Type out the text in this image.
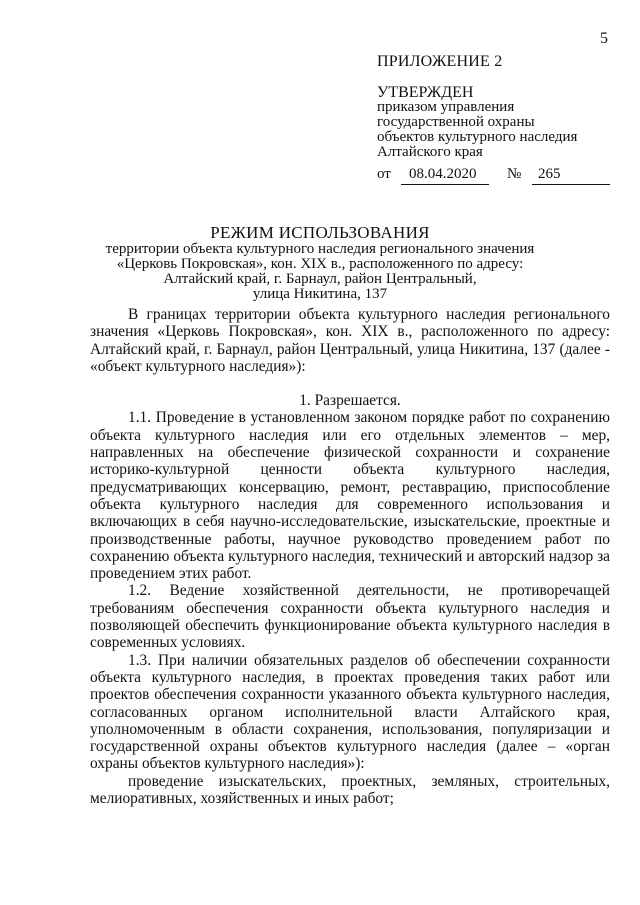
5
ПРИЛОЖЕНИЕ 2
УТВЕРЖДЕН
приказом управления
государственной охраны
объектов культурного наследия
Алтайского края
от	08.04.2020	№	265
РЕЖИМ ИСПОЛЬЗОВАНИЯ
территории объекта культурного наследия регионального значения
«Церковь Покровская», кон. XIX в., расположенного по адресу:
Алтайский край, г. Барнаул, район Центральный,
улица Никитина, 137

В границах территории объекта культурного наследия регионального значения «Церковь Покровская», кон. XIX в., расположенного по адресу: Алтайский край, г. Барнаул, район Центральный, улица Никитина, 137 (далее - «объект культурного наследия»):

1. Разрешается.

1.1. Проведение в установленном законом порядке работ по сохранению объекта культурного наследия или его отдельных элементов – мер, направленных на обеспечение физической сохранности и сохранение историко-культурной ценности объекта культурного наследия, предусматривающих консервацию, ремонт, реставрацию, приспособление объекта культурного наследия для современного использования и включающих в себя научно-исследовательские, изыскательские, проектные и производственные работы, научное руководство проведением работ по сохранению объекта культурного наследия, технический и авторский надзор за проведением этих работ.

1.2. Ведение хозяйственной деятельности, не противоречащей требованиям обеспечения сохранности объекта культурного наследия и позволяющей обеспечить функционирование объекта культурного наследия в современных условиях.

1.3. При наличии обязательных разделов об обеспечении сохранности объекта культурного наследия, в проектах проведения таких работ или проектов обеспечения сохранности указанного объекта культурного наследия, согласованных органом исполнительной власти Алтайского края, уполномоченным в области сохранения, использования, популяризации и государственной охраны объектов культурного наследия (далее – «орган охраны объектов культурного наследия»):

проведение изыскательских, проектных, земляных, строительных, мелиоративных, хозяйственных и иных работ;
